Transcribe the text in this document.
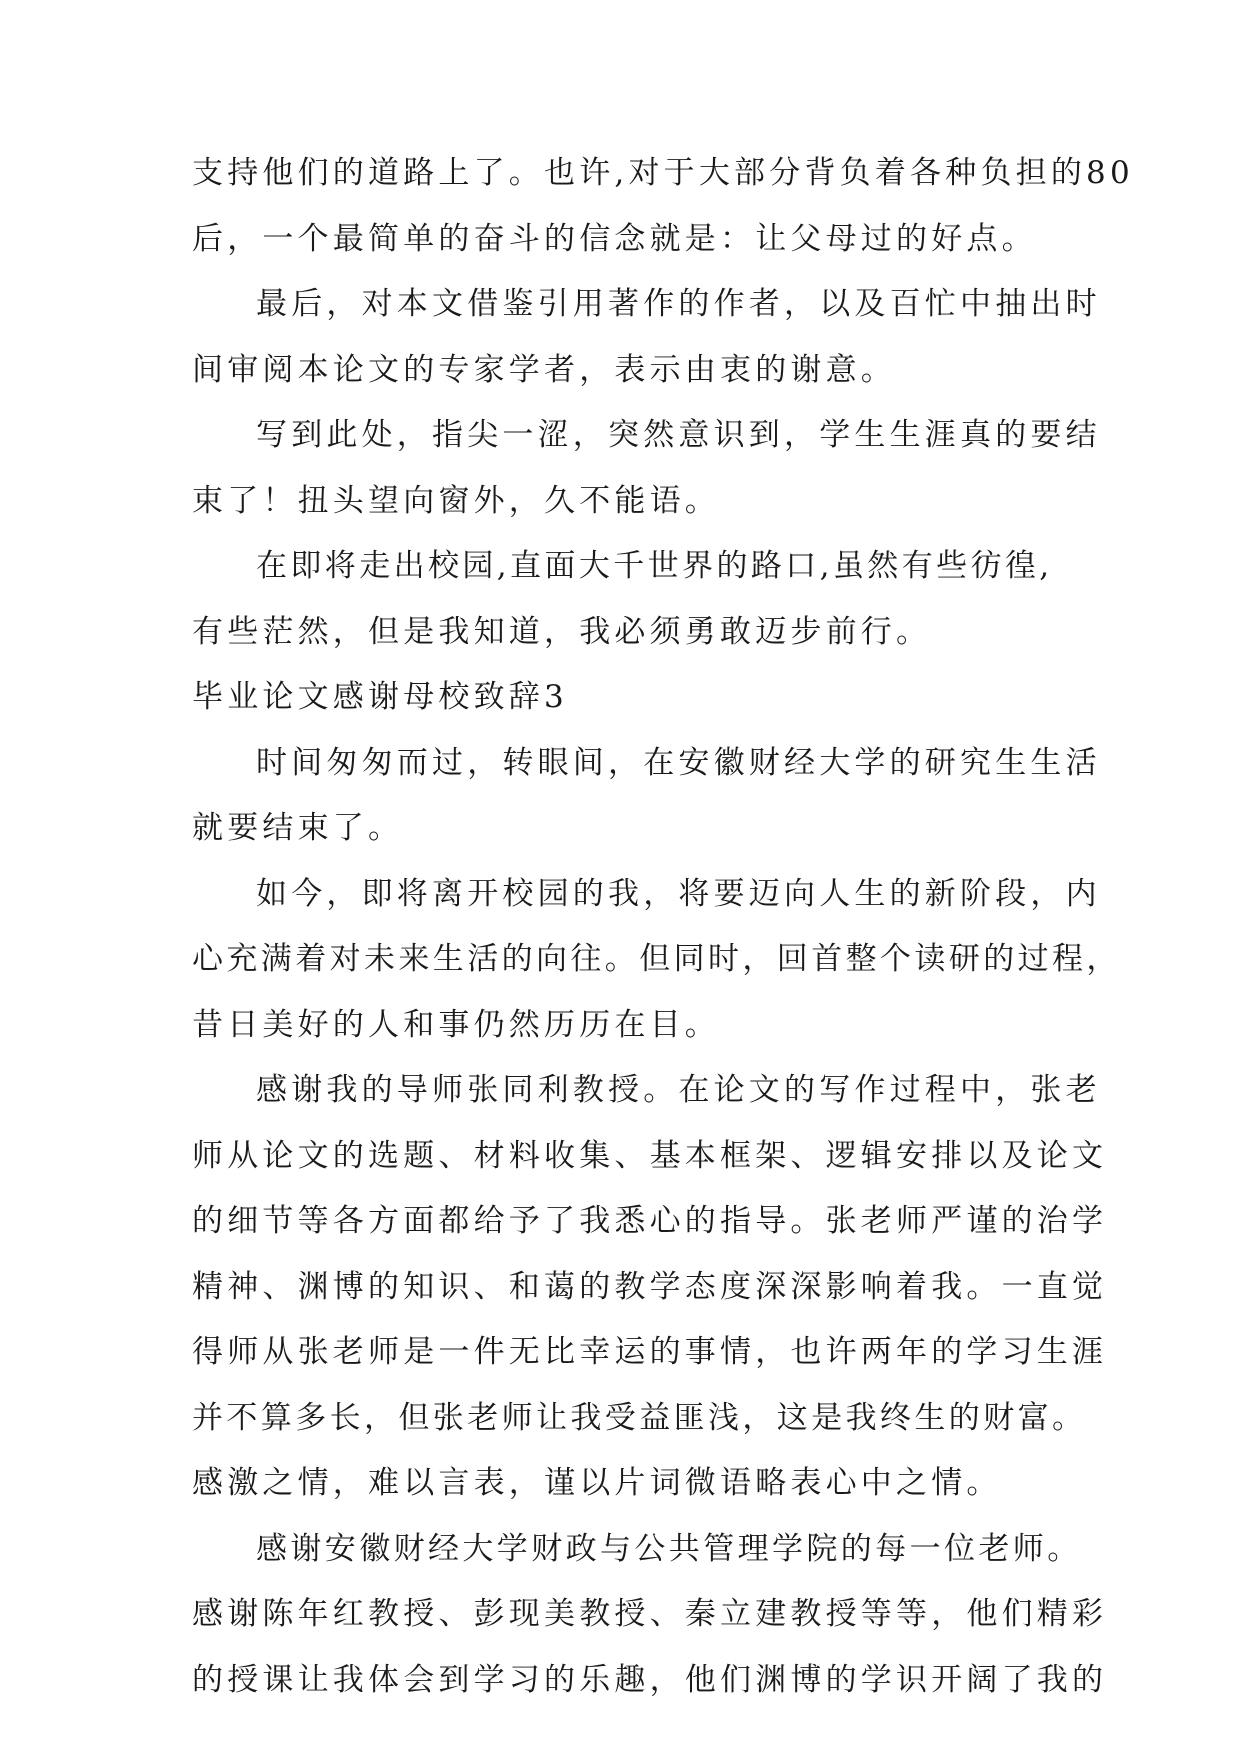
支持他们的道路上了。也许,对于大部分背负着各种负担的80
后，一个最简单的奋斗的信念就是：让父母过的好点。
最后，对本文借鉴引用著作的作者，以及百忙中抽出时
间审阅本论文的专家学者，表示由衷的谢意。
写到此处，指尖一涩，突然意识到，学生生涯真的要结
束了！扭头望向窗外，久不能语。
在即将走出校园,直面大千世界的路口,虽然有些彷徨,
有些茫然，但是我知道，我必须勇敢迈步前行。
毕业论文感谢母校致辞3
时间匆匆而过，转眼间，在安徽财经大学的研究生生活
就要结束了。
如今，即将离开校园的我，将要迈向人生的新阶段，内
心充满着对未来生活的向往。但同时，回首整个读研的过程，
昔日美好的人和事仍然历历在目。
感谢我的导师张同利教授。在论文的写作过程中，张老
师从论文的选题、材料收集、基本框架、逻辑安排以及论文
的细节等各方面都给予了我悉心的指导。张老师严谨的治学
精神、渊博的知识、和蔼的教学态度深深影响着我。一直觉
得师从张老师是一件无比幸运的事情，也许两年的学习生涯
并不算多长，但张老师让我受益匪浅，这是我终生的财富。
感激之情，难以言表，谨以片词微语略表心中之情。
感谢安徽财经大学财政与公共管理学院的每一位老师。
感谢陈年红教授、彭现美教授、秦立建教授等等，他们精彩
的授课让我体会到学习的乐趣，他们渊博的学识开阔了我的
